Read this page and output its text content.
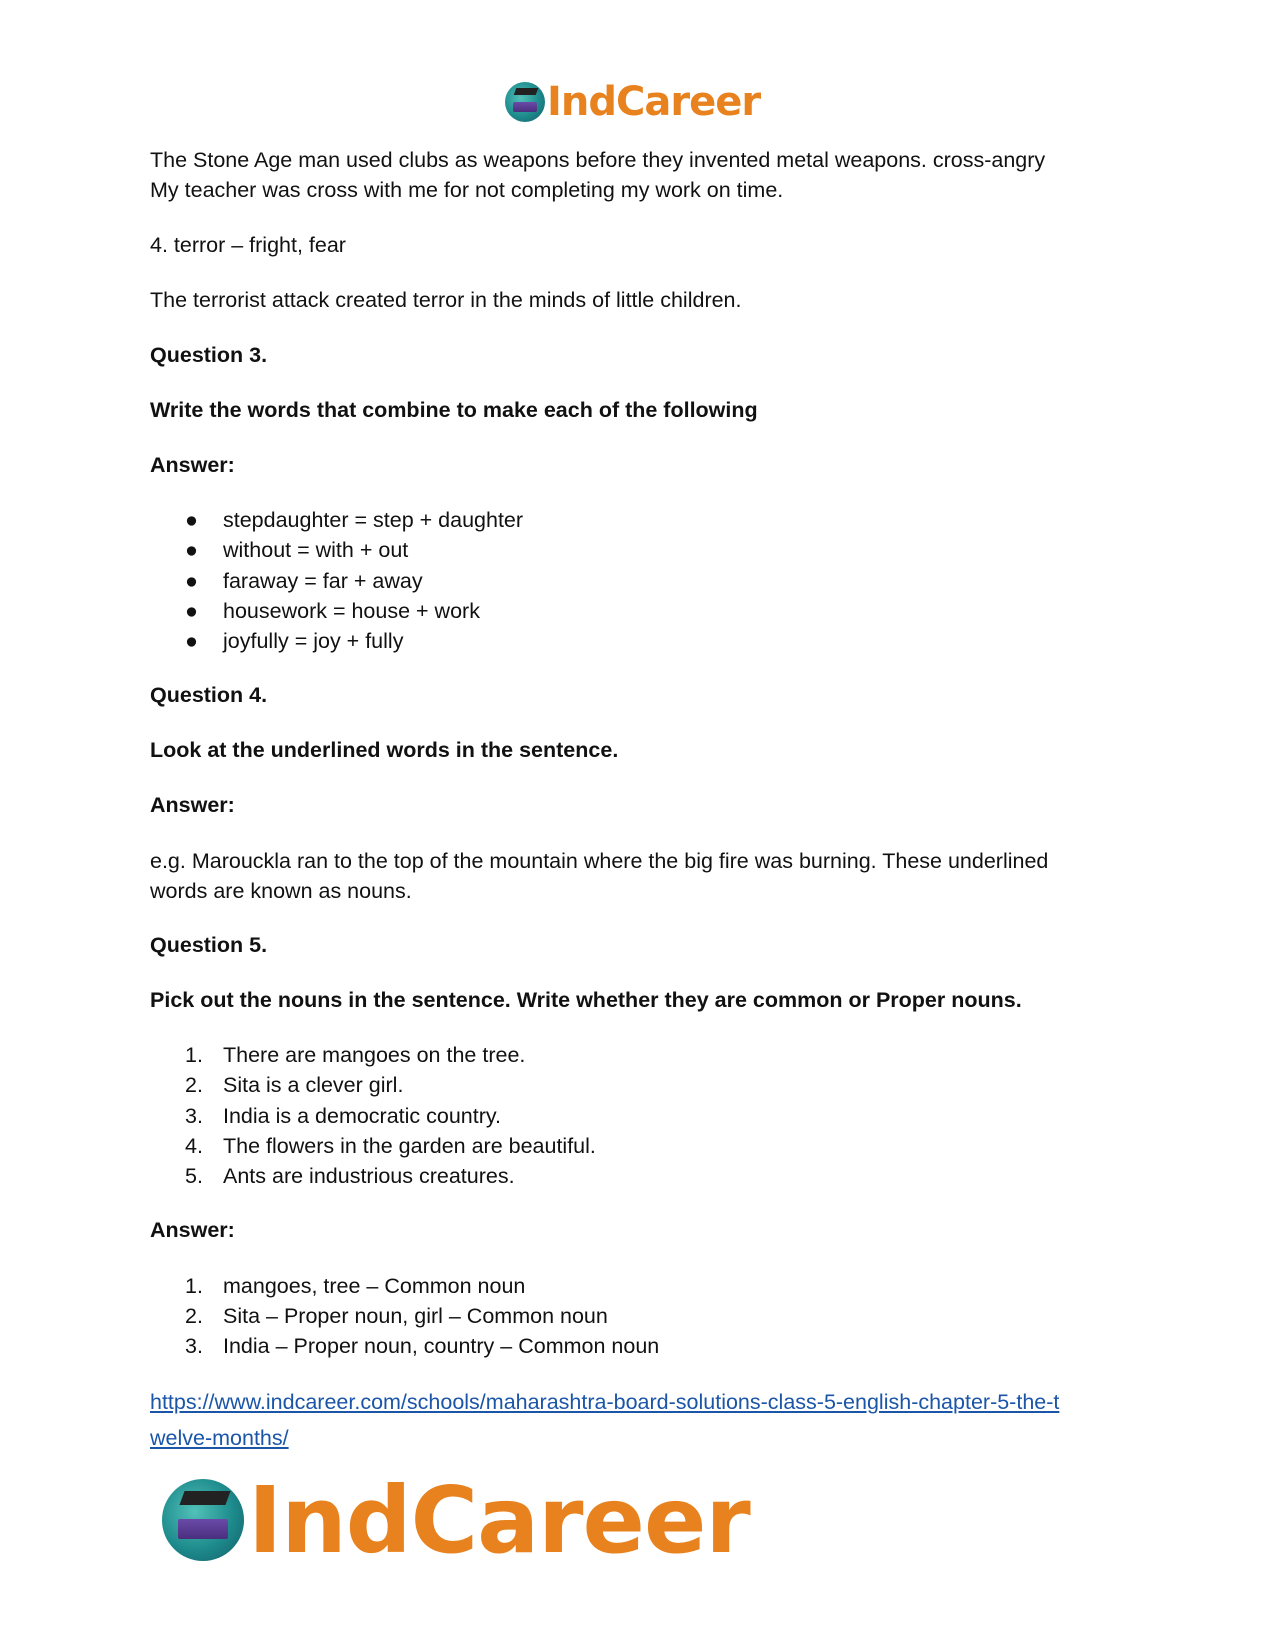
IndCareer

The Stone Age man used clubs as weapons before they invented metal weapons. cross-angry

My teacher was cross with me for not completing my work on time.

4. terror – fright, fear

The terrorist attack created terror in the minds of little children.

Question 3.

Write the words that combine to make each of the following

Answer:

● stepdaughter = step + daughter
● without = with + out
● faraway = far + away
● housework = house + work
● joyfully = joy + fully

Question 4.

Look at the underlined words in the sentence.

Answer:

e.g. Marouckla ran to the top of the mountain where the big fire was burning. These underlined

words are known as nouns.

Question 5.

Pick out the nouns in the sentence. Write whether they are common or Proper nouns.

1. There are mangoes on the tree.
2. Sita is a clever girl.
3. India is a democratic country.
4. The flowers in the garden are beautiful.
5. Ants are industrious creatures.

Answer:

1. mangoes, tree – Common noun
2. Sita – Proper noun, girl – Common noun
3. India – Proper noun, country – Common noun
https://www.indcareer.com/schools/maharashtra-board-solutions-class-5-english-chapter-5-the-t
welve-months/
IndCareer
